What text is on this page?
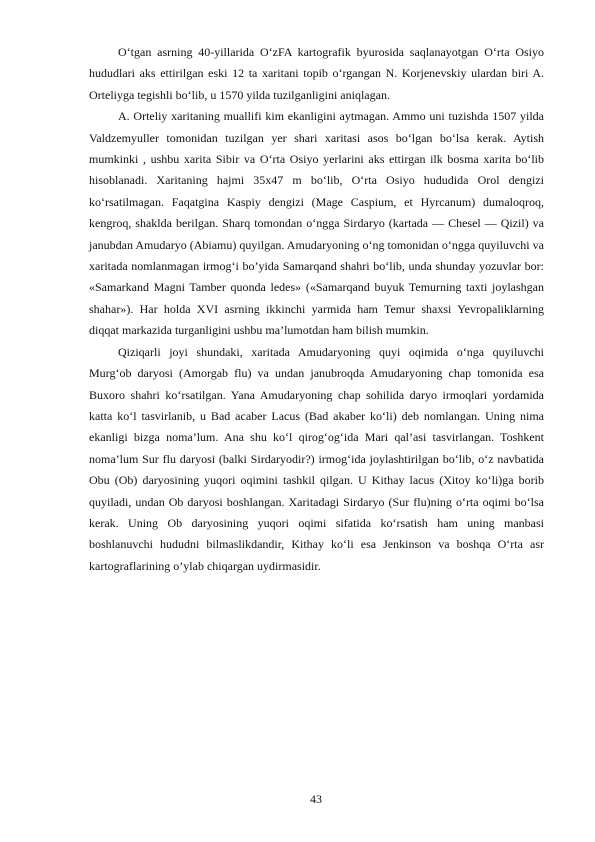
O‘tgan asrning 40-yillarida O‘zFA kartografik byurosida saqlanayotgan O‘rta Osiyo hududlari aks ettirilgan eski 12 ta xaritani topib o‘rgangan N. Korjenevskiy ulardan biri A. Orteliyga tegishli bo‘lib, u 1570 yilda tuzilganligini aniqlagan.

A. Orteliy xaritaning muallifi kim ekanligini aytmagan. Ammo uni tuzishda 1507 yilda Valdzemyuller tomonidan tuzilgan yer shari xaritasi asos bo‘lgan bo‘lsa kerak. Aytish mumkinki , ushbu xarita Sibir va O‘rta Osiyo yerlarini aks ettirgan ilk bosma xarita bo‘lib hisoblanadi. Xaritaning hajmi 35x47 m bo‘lib, O‘rta Osiyo hududida Orol dengizi ko‘rsatilmagan. Faqatgina Kaspiy dengizi (Mage Caspium, et Hyrcanum) dumaloqroq, kengroq, shaklda berilgan. Sharq tomondan o‘ngga Sirdaryo (kartada — Chesel — Qizil) va janubdan Amudaryo (Abiamu) quyilgan. Amudaryoning o‘ng tomonidan o‘ngga quyiluvchi va xaritada nomlanmagan irmog‘i bo’yida Samarqand shahri bo‘lib, unda shunday yozuvlar bor: «Samarkand Magni Tamber quonda ledes» («Samarqand buyuk Temurning taxti joylashgan shahar»). Har holda XVI asrning ikkinchi yarmida ham Temur shaxsi Yevropaliklarning diqqat markazida turganligini ushbu ma’lumotdan ham bilish mumkin.

Qiziqarli joyi shundaki, xaritada Amudaryoning quyi oqimida o‘nga quyiluvchi Murg‘ob daryosi (Amorgab flu) va undan janubroqda Amudaryoning chap tomonida esa Buxoro shahri ko‘rsatilgan. Yana Amudaryoning chap sohilida daryo irmoqlari yordamida katta ko‘l tasvirlanib, u Bad acaber Lacus (Bad akaber ko‘li) deb nomlangan. Uning nima ekanligi bizga noma’lum. Ana shu ko‘l qirog‘og‘ida Mari qal’asi tasvirlangan. Toshkent noma’lum Sur flu daryosi (balki Sirdaryodir?) irmog‘ida joylashtirilgan bo‘lib, o‘z navbatida Obu (Ob) daryosining yuqori oqimini tashkil qilgan. U Kithay lacus (Xitoy ko‘li)ga borib quyiladi, undan Ob daryosi boshlangan. Xaritadagi Sirdaryo (Sur flu)ning o‘rta oqimi bo‘lsa kerak. Uning Ob daryosining yuqori oqimi sifatida ko‘rsatish ham uning manbasi boshlanuvchi hududni bilmaslikdandir, Kithay ko‘li esa Jenkinson va boshqa O‘rta asr kartograflarining o’ylab chiqargan uydirmasidir.

43
